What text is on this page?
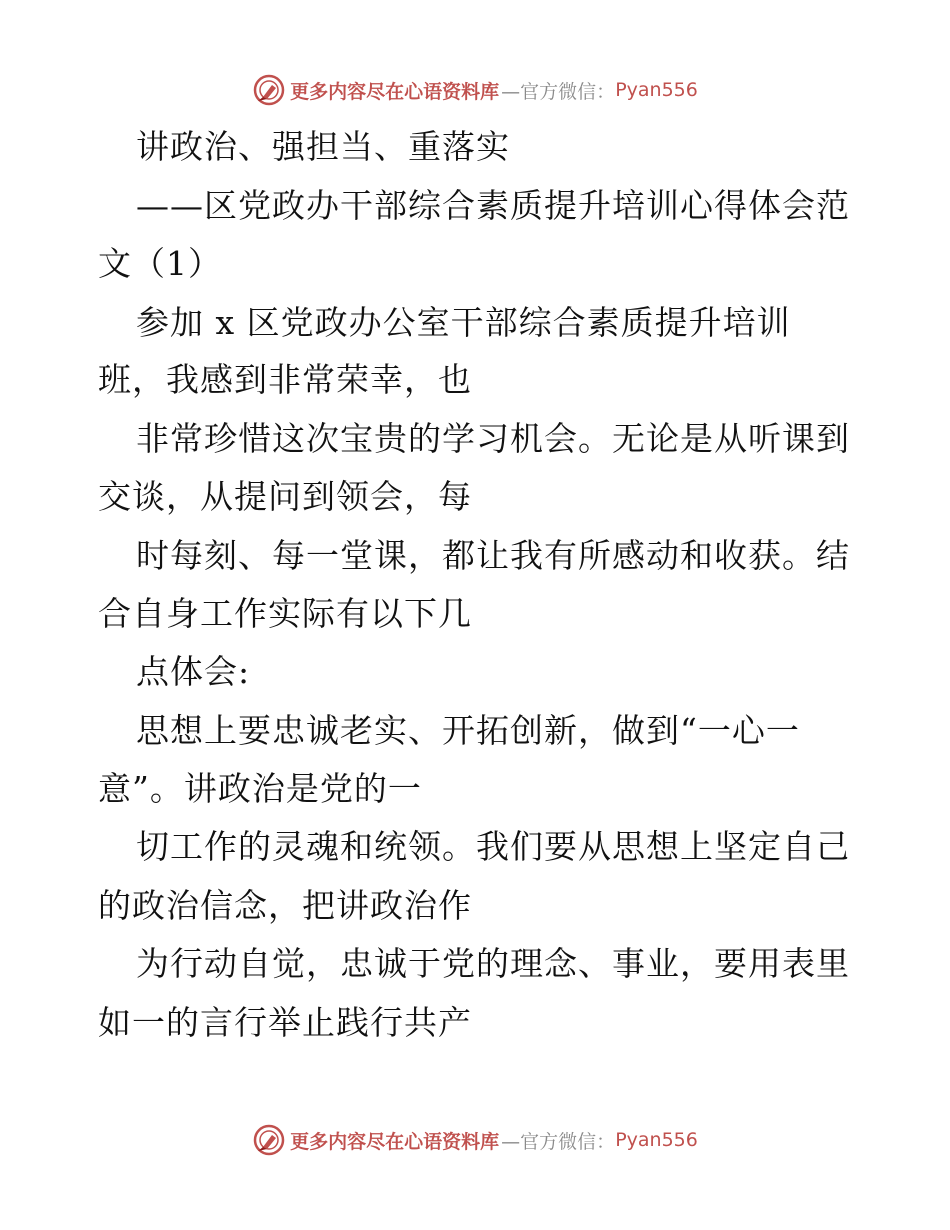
更多内容尽在心语资料库 —官方微信： Pyan556
讲政治、强担当、重落实
——区党政办干部综合素质提升培训心得体会范
文（1）
参加 x 区党政办公室干部综合素质提升培训
班，我感到非常荣幸，也
非常珍惜这次宝贵的学习机会。无论是从听课到
交谈，从提问到领会，每
时每刻、每一堂课，都让我有所感动和收获。结
合自身工作实际有以下几
点体会:
思想上要忠诚老实、开拓创新，做到“一心一
意”。讲政治是党的一
切工作的灵魂和统领。我们要从思想上坚定自己
的政治信念，把讲政治作
为行动自觉，忠诚于党的理念、事业，要用表里
如一的言行举止践行共产
更多内容尽在心语资料库 —官方微信： Pyan556
